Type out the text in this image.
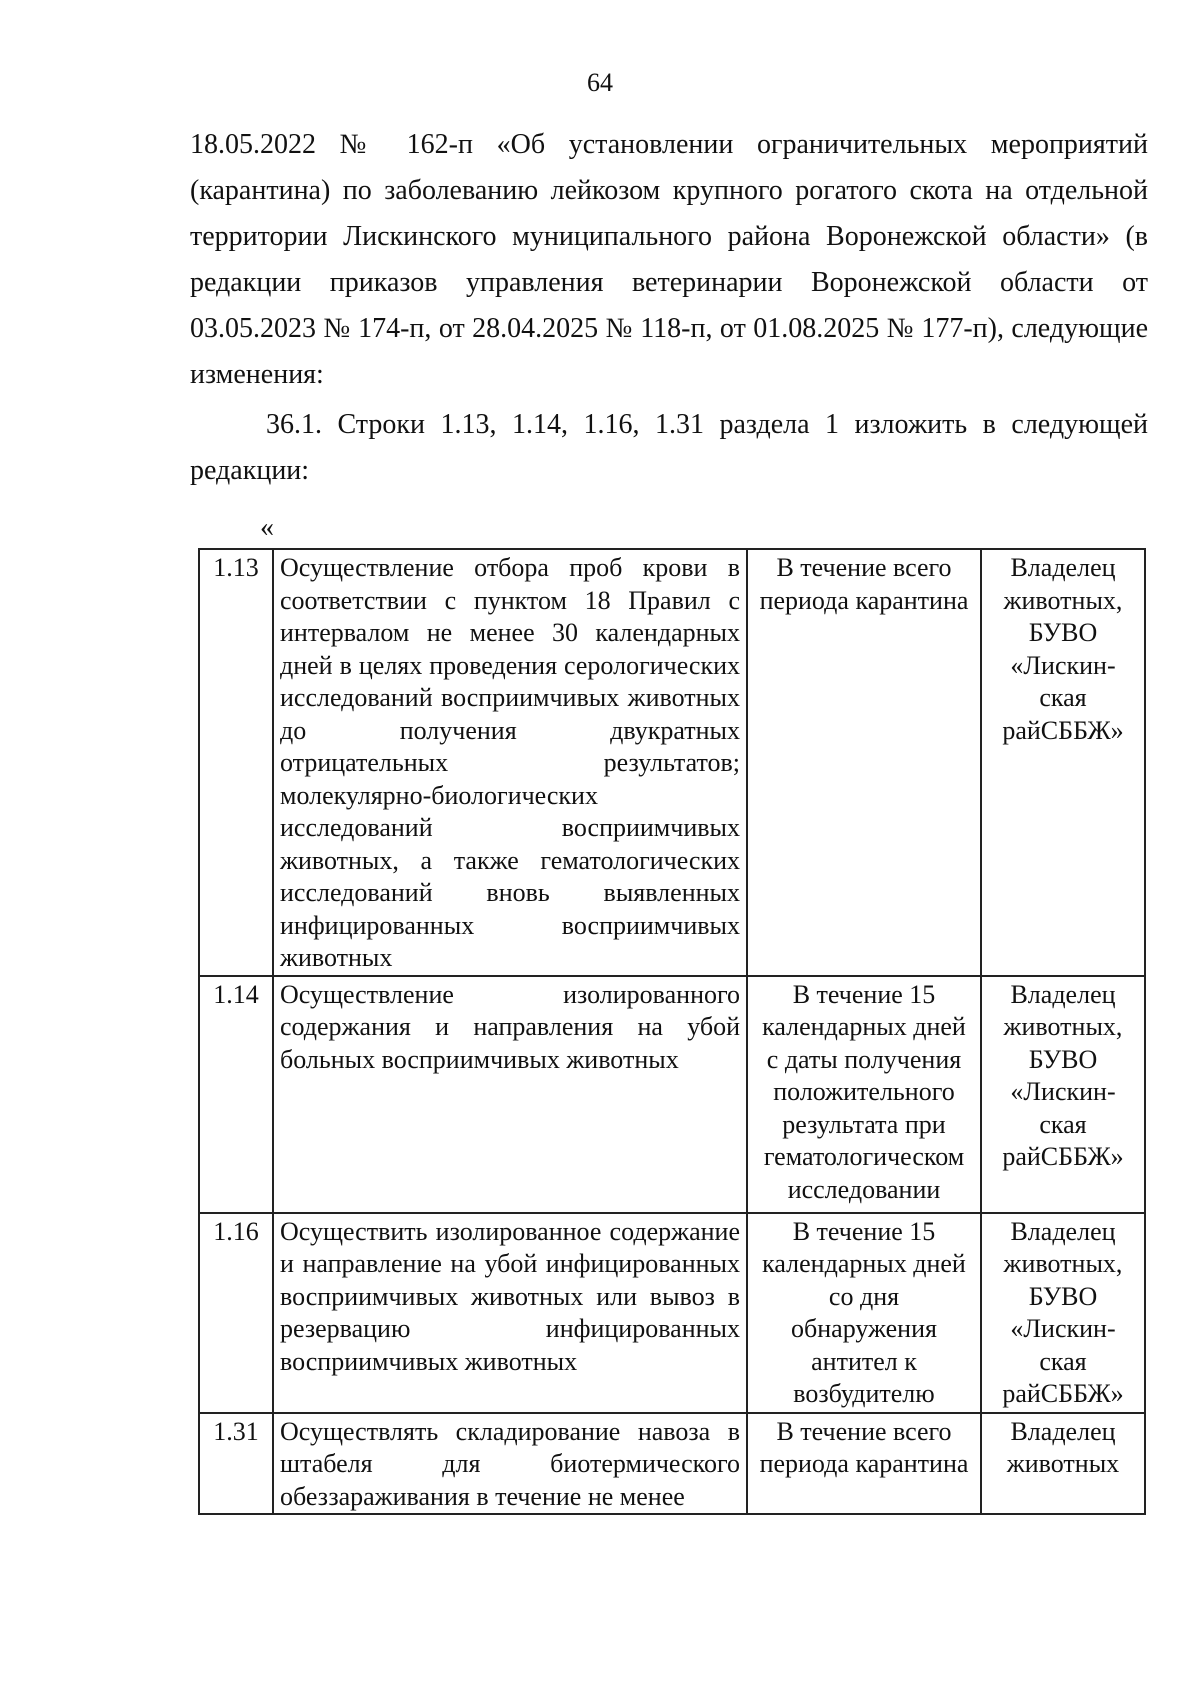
64

18.05.2022 № 162-п «Об установлении ограничительных мероприятий (карантина) по заболеванию лейкозом крупного рогатого скота на отдельной территории Лискинского муниципального района Воронежской области» (в редакции приказов управления ветеринарии Воронежской области от 03.05.2023 № 174-п, от 28.04.2025 № 118-п, от 01.08.2025 № 177-п), следующие изменения:

36.1. Строки 1.13, 1.14, 1.16, 1.31 раздела 1 изложить в следующей редакции:

«
1.13	Осуществление отбора проб крови в соответствии с пунктом 18 Правил с интервалом не менее 30 календарных дней в целях проведения серологических исследований восприимчивых животных до получения двукратных отрицательных результатов; молекулярно-биологических исследований восприимчивых животных, а также гематологических исследований вновь выявленных инфицированных восприимчивых животных	В течение всего периода карантина	Владелец животных, БУВО «Лискин-ская райСББЖ»
1.14	Осуществление изолированного содержания и направления на убой больных восприимчивых животных	В течение 15 календарных дней с даты получения положительного результата при гематологическом исследовании	Владелец животных, БУВО «Лискин-ская райСББЖ»
1.16	Осуществить изолированное содержание и направление на убой инфицированных восприимчивых животных или вывоз в резервацию инфицированных восприимчивых животных	В течение 15 календарных дней со дня обнаружения антител к возбудителю	Владелец животных, БУВО «Лискин-ская райСББЖ»
1.31	Осуществлять складирование навоза в штабеля для биотермического обеззараживания в течение не менее	В течение всего периода карантина	Владелец животных
